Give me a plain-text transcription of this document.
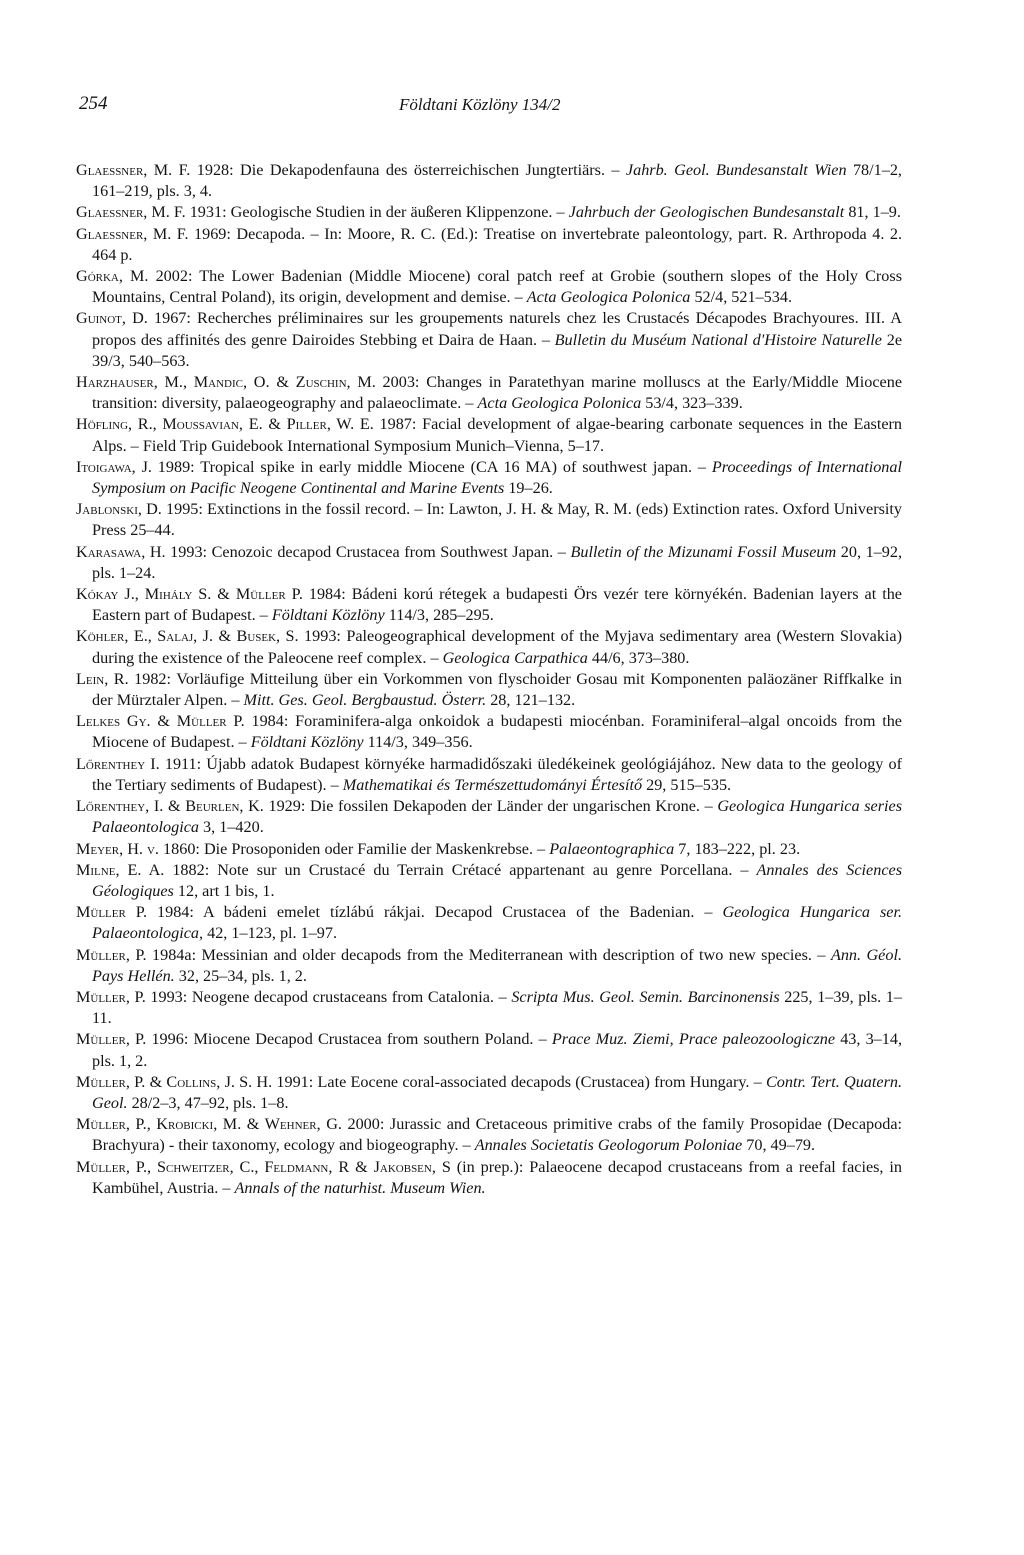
254	Földtani Közlöny 134/2

Glaessner, M. F. 1928: Die Dekapodenfauna des österreichischen Jungtertiärs. – Jahrb. Geol. Bundesanstalt Wien 78/1–2, 161–219, pls. 3, 4.

Glaessner, M. F. 1931: Geologische Studien in der äußeren Klippenzone. – Jahrbuch der Geologischen Bundesanstalt 81, 1–9.

Glaessner, M. F. 1969: Decapoda. – In: Moore, R. C. (Ed.): Treatise on invertebrate paleontology, part. R. Arthropoda 4. 2. 464 p.

Górka, M. 2002: The Lower Badenian (Middle Miocene) coral patch reef at Grobie (southern slopes of the Holy Cross Mountains, Central Poland), its origin, development and demise. – Acta Geologica Polonica 52/4, 521–534.

Guinot, D. 1967: Recherches préliminaires sur les groupements naturels chez les Crustacés Décapodes Brachyoures. III. A propos des affinités des genre Dairoides Stebbing et Daira de Haan. – Bulletin du Muséum National d'Histoire Naturelle 2e 39/3, 540–563.

Harzhauser, M., Mandic, O. & Zuschin, M. 2003: Changes in Paratethyan marine molluscs at the Early/Middle Miocene transition: diversity, palaeogeography and palaeoclimate. – Acta Geologica Polonica 53/4, 323–339.

Höfling, R., Moussavian, E. & Piller, W. E. 1987: Facial development of algae-bearing carbonate sequences in the Eastern Alps. – Field Trip Guidebook International Symposium Munich–Vienna, 5–17.

Itoigawa, J. 1989: Tropical spike in early middle Miocene (CA 16 MA) of southwest japan. – Proceedings of International Symposium on Pacific Neogene Continental and Marine Events 19–26.

Jablonski, D. 1995: Extinctions in the fossil record. – In: Lawton, J. H. & May, R. M. (eds) Extinction rates. Oxford University Press 25–44.

Karasawa, H. 1993: Cenozoic decapod Crustacea from Southwest Japan. – Bulletin of the Mizunami Fossil Museum 20, 1–92, pls. 1–24.

Kókay J., Mihály S. & Müller P. 1984: Bádeni korú rétegek a budapesti Örs vezér tere környékén. Badenian layers at the Eastern part of Budapest. – Földtani Közlöny 114/3, 285–295.

Köhler, E., Salaj, J. & Busek, S. 1993: Paleogeographical development of the Myjava sedimentary area (Western Slovakia) during the existence of the Paleocene reef complex. – Geologica Carpathica 44/6, 373–380.

Lein, R. 1982: Vorläufige Mitteilung über ein Vorkommen von flyschoider Gosau mit Komponenten paläozäner Riffkalke in der Mürztaler Alpen. – Mitt. Ges. Geol. Bergbaustud. Österr. 28, 121–132.

Lelkes Gy. & Müller P. 1984: Foraminifera-alga onkoidok a budapesti miocénban. Foraminiferal–algal oncoids from the Miocene of Budapest. – Földtani Közlöny 114/3, 349–356.

Lőrenthey I. 1911: Újabb adatok Budapest környéke harmadidőszaki üledékeinek geológiájához. New data to the geology of the Tertiary sediments of Budapest). – Mathematikai és Természettudományi Értesítő 29, 515–535.

Lőrenthey, I. & Beurlen, K. 1929: Die fossilen Dekapoden der Länder der ungarischen Krone. – Geologica Hungarica series Palaeontologica 3, 1–420.

Meyer, H. v. 1860: Die Prosoponiden oder Familie der Maskenkrebse. – Palaeontographica 7, 183–222, pl. 23.

Milne, E. A. 1882: Note sur un Crustacé du Terrain Crétacé appartenant au genre Porcellana. – Annales des Sciences Géologiques 12, art 1 bis, 1.

Müller P. 1984: A bádeni emelet tízlábú rákjai. Decapod Crustacea of the Badenian. – Geologica Hungarica ser. Palaeontologica, 42, 1–123, pl. 1–97.

Müller, P. 1984a: Messinian and older decapods from the Mediterranean with description of two new species. – Ann. Géol. Pays Hellén. 32, 25–34, pls. 1, 2.

Müller, P. 1993: Neogene decapod crustaceans from Catalonia. – Scripta Mus. Geol. Semin. Barcinonensis 225, 1–39, pls. 1–11.

Müller, P. 1996: Miocene Decapod Crustacea from southern Poland. – Prace Muz. Ziemi, Prace paleozoologiczne 43, 3–14, pls. 1, 2.

Müller, P. & Collins, J. S. H. 1991: Late Eocene coral-associated decapods (Crustacea) from Hungary. – Contr. Tert. Quatern. Geol. 28/2–3, 47–92, pls. 1–8.

Müller, P., Krobicki, M. & Wehner, G. 2000: Jurassic and Cretaceous primitive crabs of the family Prosopidae (Decapoda: Brachyura) - their taxonomy, ecology and biogeography. – Annales Societatis Geologorum Poloniae 70, 49–79.

Müller, P., Schweitzer, C., Feldmann, R & Jakobsen, S (in prep.): Palaeocene decapod crustaceans from a reefal facies, in Kambühel, Austria. – Annals of the naturhist. Museum Wien.
